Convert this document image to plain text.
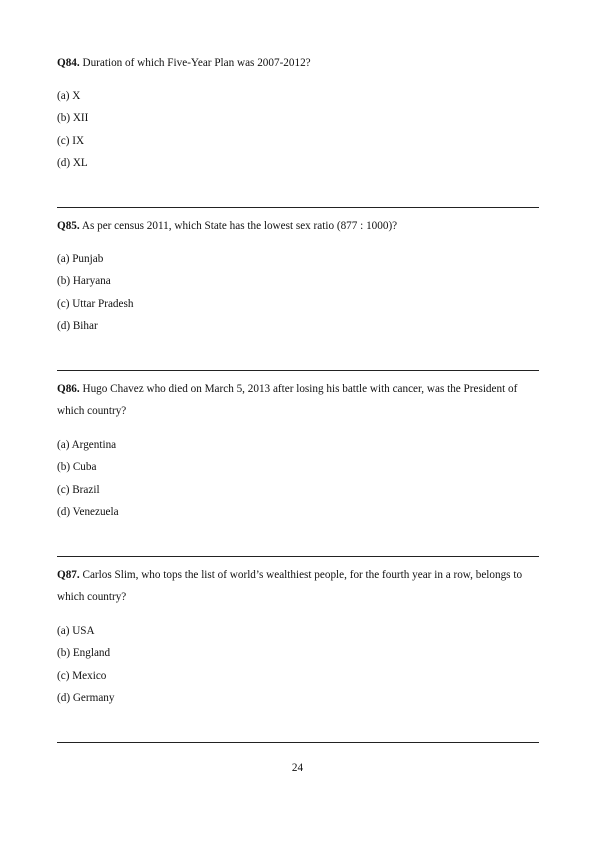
Q84. Duration of which Five-Year Plan was 2007-2012?
(a) X
(b) XII
(c) IX
(d) XL
Q85. As per census 2011, which State has the lowest sex ratio (877 : 1000)?
(a) Punjab
(b) Haryana
(c) Uttar Pradesh
(d) Bihar
Q86. Hugo Chavez who died on March 5, 2013 after losing his battle with cancer, was the President of which country?
(a) Argentina
(b) Cuba
(c) Brazil
(d) Venezuela
Q87. Carlos Slim, who tops the list of world’s wealthiest people, for the fourth year in a row, belongs to which country?
(a) USA
(b) England
(c) Mexico
(d) Germany
24
